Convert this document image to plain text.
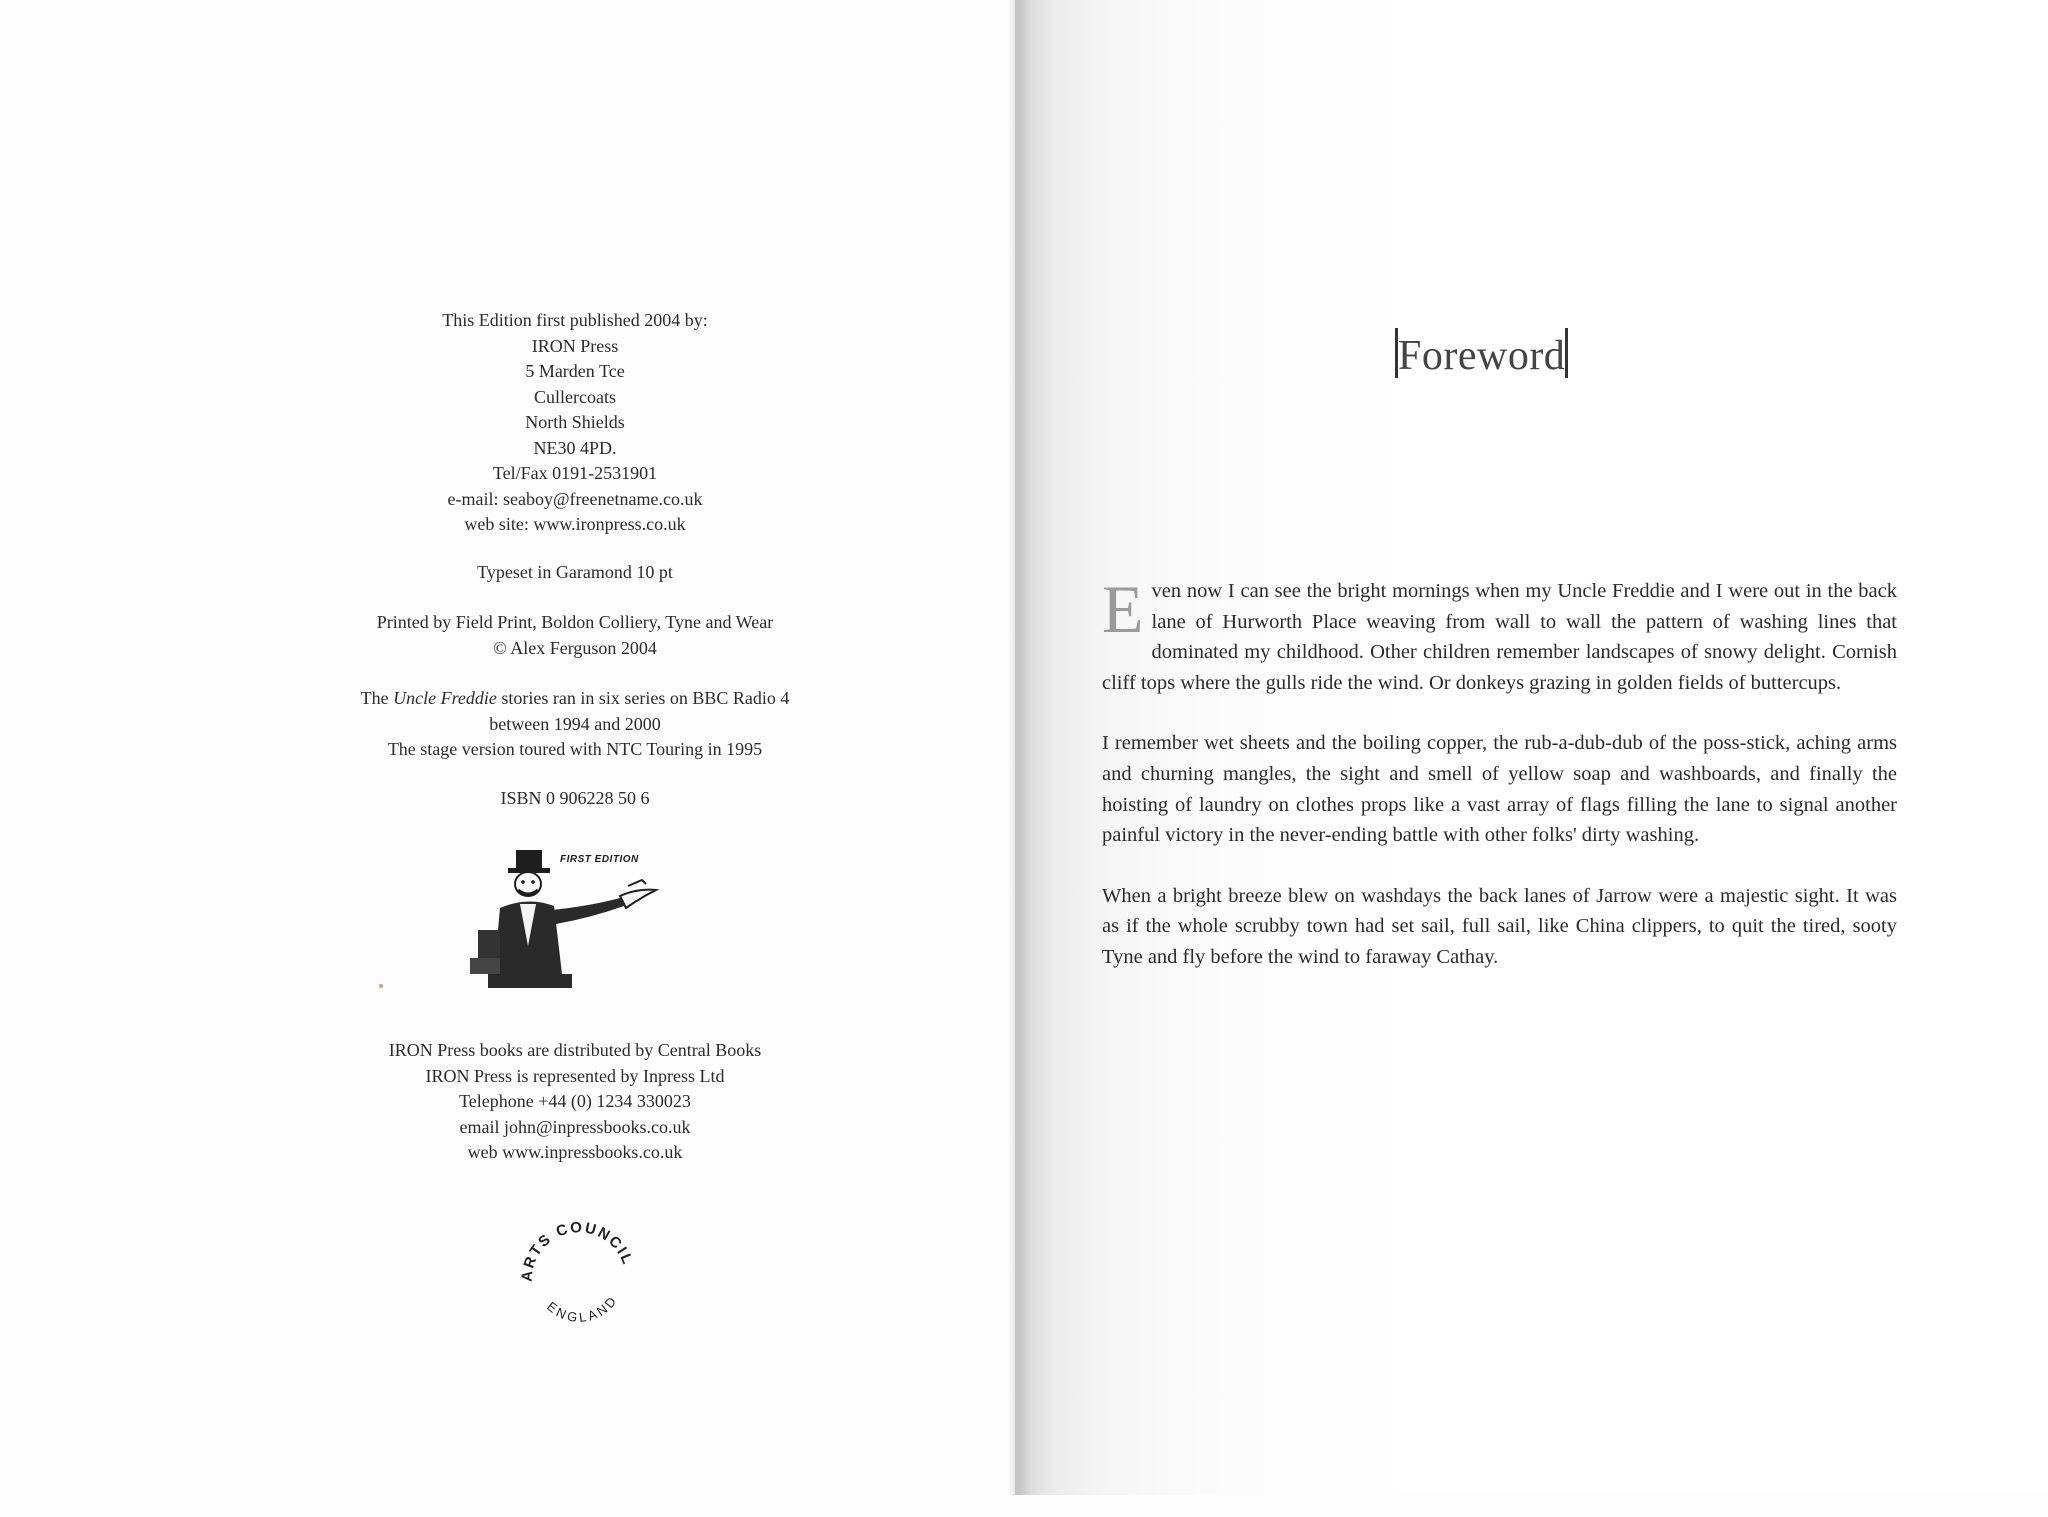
This Edition first published 2004 by:
IRON Press
5 Marden Tce
Cullercoats
North Shields
NE30 4PD.
Tel/Fax 0191-2531901
e-mail: seaboy@freenetname.co.uk
web site: www.ironpress.co.uk
Typeset in Garamond 10 pt
Printed by Field Print, Boldon Colliery, Tyne and Wear
© Alex Ferguson 2004
The Uncle Freddie stories ran in six series on BBC Radio 4
between 1994 and 2000
The stage version toured with NTC Touring in 1995
ISBN 0 906228 50 6
FIRST EDITION
IRON Press books are distributed by Central Books
IRON Press is represented by Inpress Ltd
Telephone +44 (0) 1234 330023
email john@inpressbooks.co.uk
web www.inpressbooks.co.uk
ARTS COUNCIL
ENGLAND
Foreword

Even now I can see the bright mornings when my Uncle Freddie and I were out in the back lane of Hurworth Place weaving from wall to wall the pattern of washing lines that dominated my childhood. Other children remember landscapes of snowy delight. Cornish cliff tops where the gulls ride the wind. Or donkeys grazing in golden fields of buttercups.

I remember wet sheets and the boiling copper, the rub-a-dub-dub of the poss-stick, aching arms and churning mangles, the sight and smell of yellow soap and washboards, and finally the hoisting of laundry on clothes props like a vast array of flags filling the lane to signal another painful victory in the never-ending battle with other folks' dirty washing.

When a bright breeze blew on washdays the back lanes of Jarrow were a majestic sight. It was as if the whole scrubby town had set sail, full sail, like China clippers, to quit the tired, sooty Tyne and fly before the wind to faraway Cathay.
